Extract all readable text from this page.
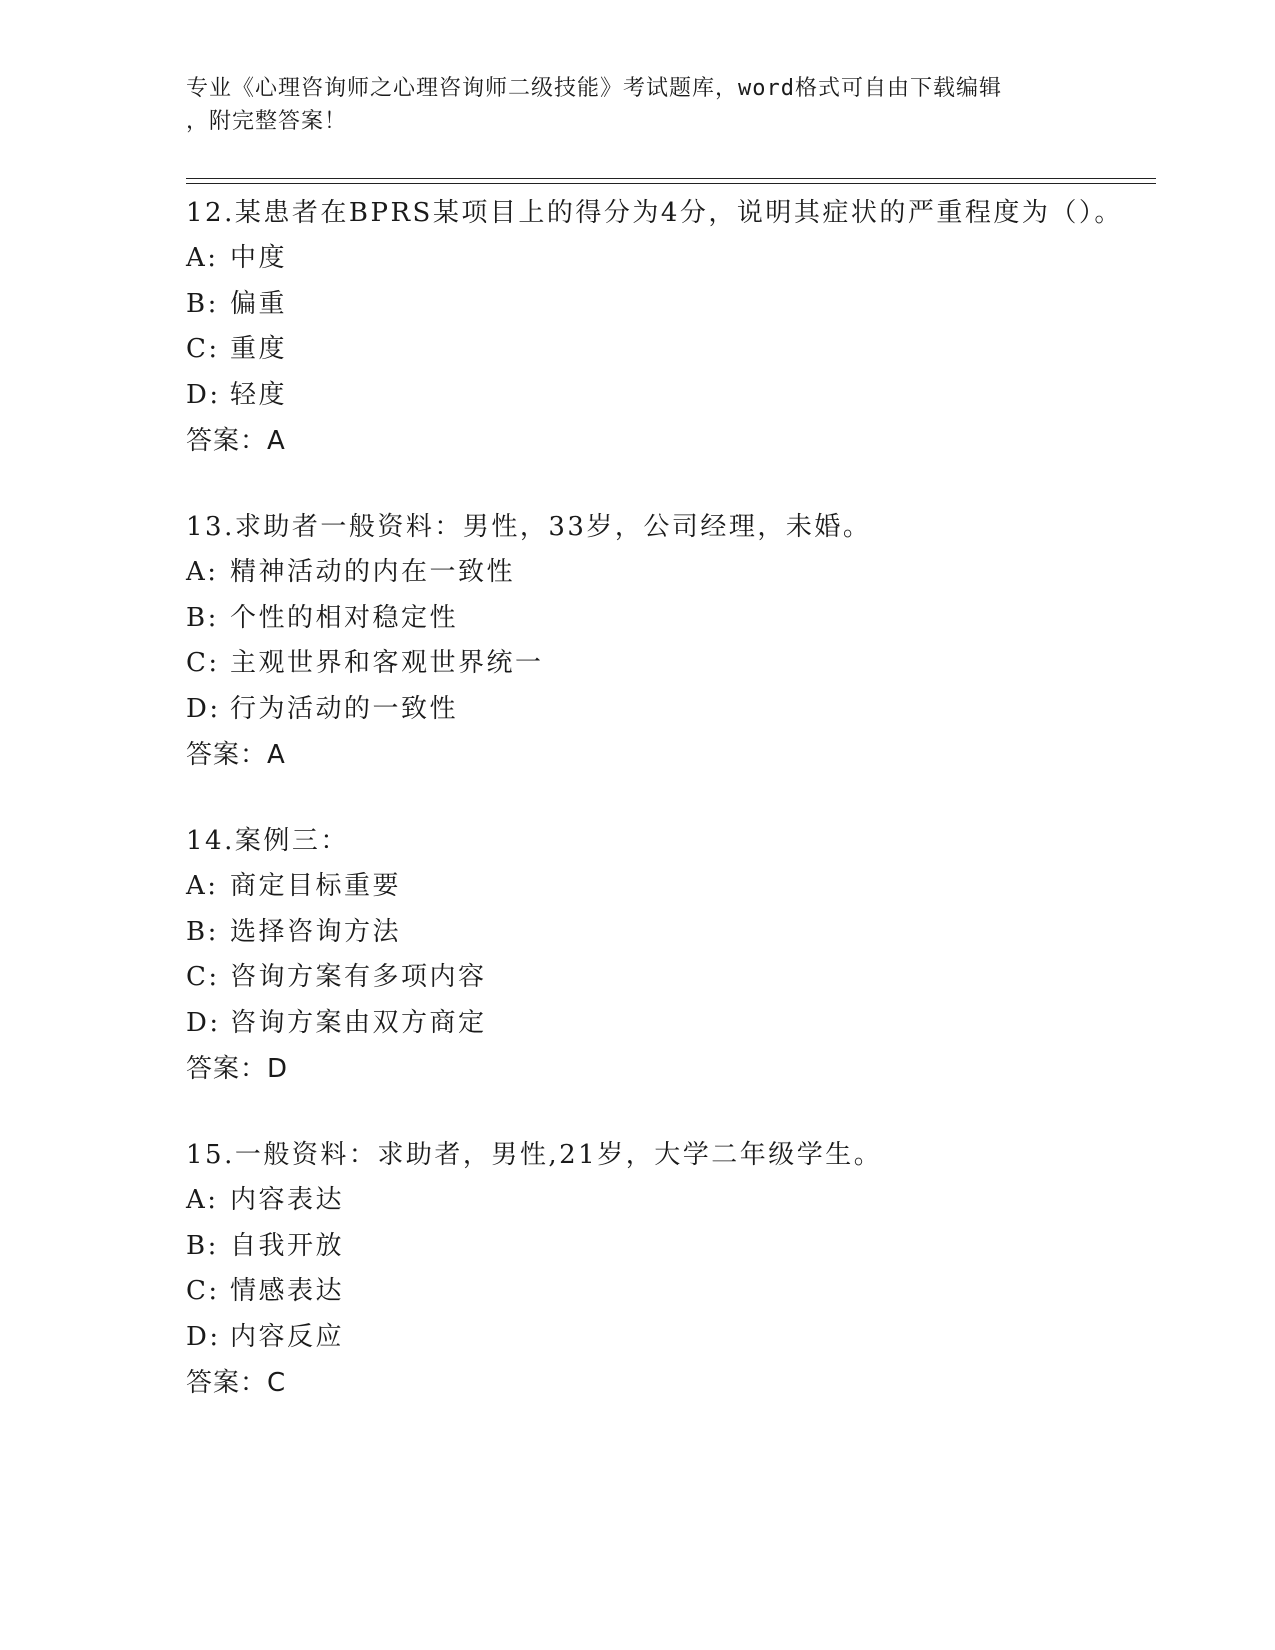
专业《心理咨询师之心理咨询师二级技能》考试题库，word格式可自由下载编辑
，附完整答案！

12.某患者在BPRS某项目上的得分为4分，说明其症状的严重程度为（）。

A: 中度

B: 偏重

C: 重度

D: 轻度

答案：A

13.求助者一般资料：男性，33岁，公司经理，未婚。

A: 精神活动的内在一致性

B: 个性的相对稳定性

C: 主观世界和客观世界统一

D: 行为活动的一致性

答案：A

14.案例三：

A: 商定目标重要

B: 选择咨询方法

C: 咨询方案有多项内容

D: 咨询方案由双方商定

答案：D

15.一般资料：求助者，男性,21岁，大学二年级学生。

A: 内容表达

B: 自我开放

C: 情感表达

D: 内容反应

答案：C
